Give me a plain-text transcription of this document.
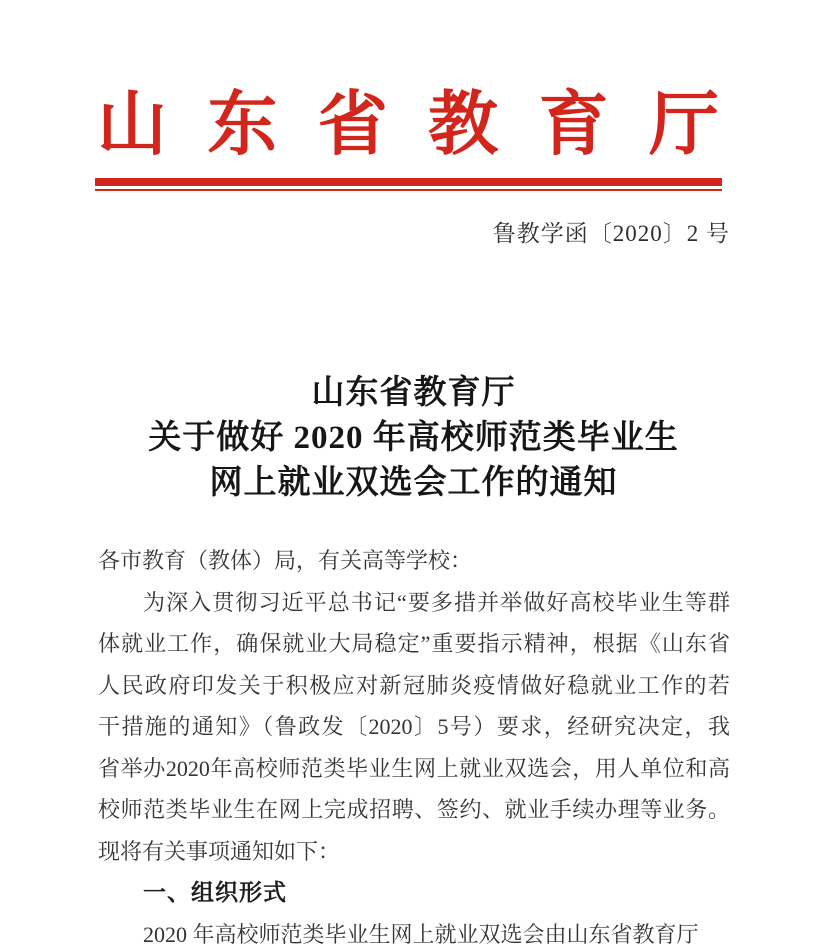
山 东 省 教 育 厅
鲁教学函〔2020〕2 号
山东省教育厅
关于做好 2020 年高校师范类毕业生
网上就业双选会工作的通知
各市教育（教体）局，有关高等学校：
为深入贯彻习近平总书记“要多措并举做好高校毕业生等群
体就业工作，确保就业大局稳定”重要指示精神，根据《山东省
人民政府印发关于积极应对新冠肺炎疫情做好稳就业工作的若
干措施的通知》（鲁政发〔2020〕5号）要求，经研究决定，我
省举办2020年高校师范类毕业生网上就业双选会，用人单位和高
校师范类毕业生在网上完成招聘、签约、就业手续办理等业务。
现将有关事项通知如下：
一、组织形式
2020 年高校师范类毕业生网上就业双选会由山东省教育厅
